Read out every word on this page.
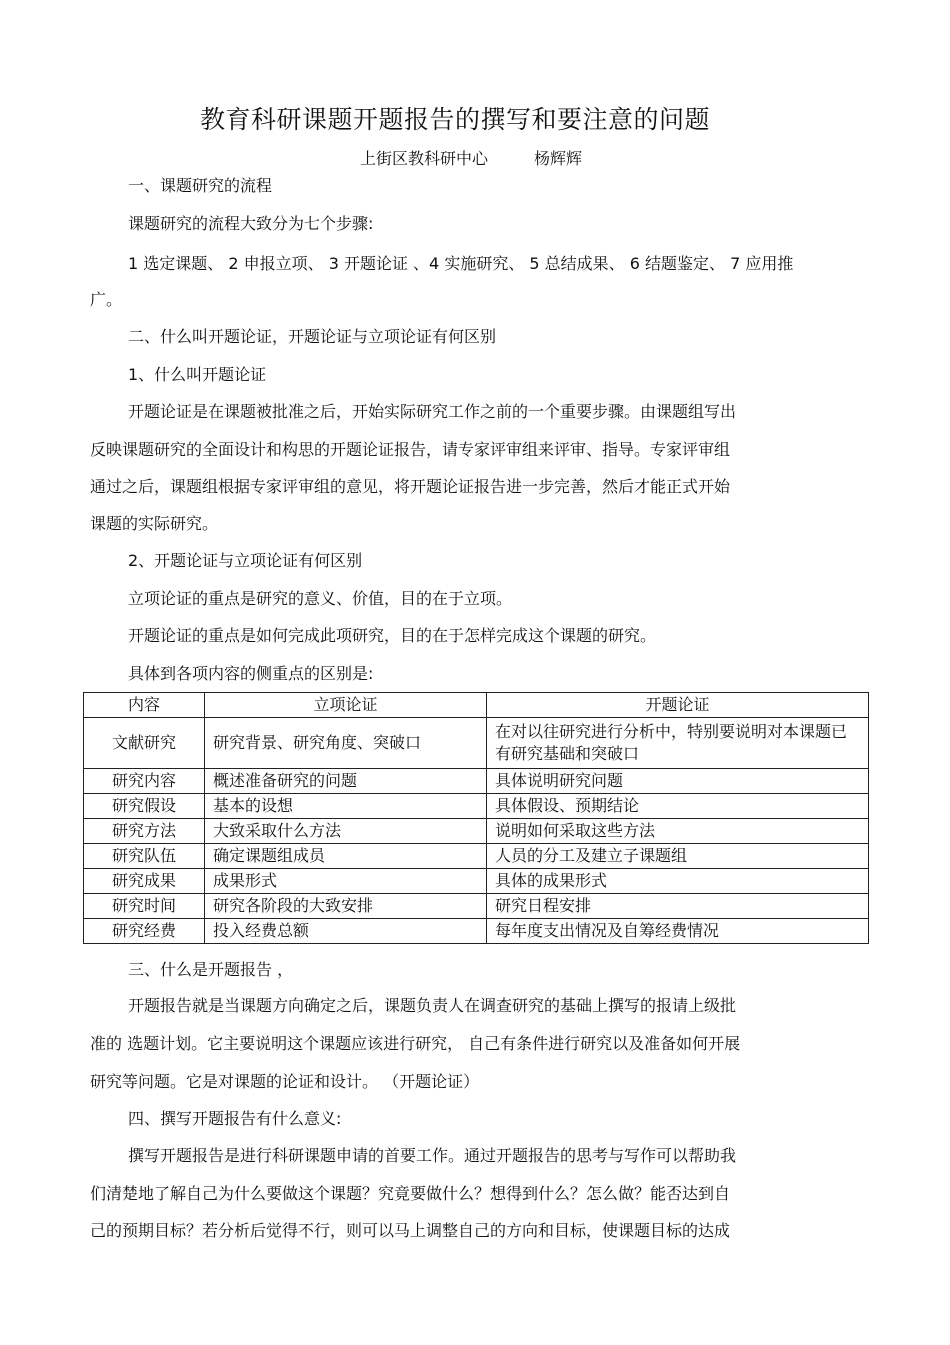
教育科研课题开题报告的撰写和要注意的问题
上街区教科研中心	杨辉辉
一、课题研究的流程
课题研究的流程大致分为七个步骤:
1 选定课题、 2 申报立项、 3 开题论证 、4 实施研究、 5 总结成果、 6 结题鉴定、 7 应用推
广。
二、什么叫开题论证，开题论证与立项论证有何区别
1、什么叫开题论证
开题论证是在课题被批准之后，开始实际研究工作之前的一个重要步骤。由课题组写出
反映课题研究的全面设计和构思的开题论证报告，请专家评审组来评审、指导。专家评审组
通过之后，课题组根据专家评审组的意见，将开题论证报告进一步完善，然后才能正式开始
课题的实际研究。
2、开题论证与立项论证有何区别
立项论证的重点是研究的意义、价值，目的在于立项。
开题论证的重点是如何完成此项研究，目的在于怎样完成这个课题的研究。
具体到各项内容的侧重点的区别是:
内容	立项论证	开题论证
文献研究	研究背景、研究角度、突破口	在对以往研究进行分析中，特别要说明对本课题已有研究基础和突破口
研究内容	概述准备研究的问题	具体说明研究问题
研究假设	基本的设想	具体假设、预期结论
研究方法	大致采取什么方法	说明如何采取这些方法
研究队伍	确定课题组成员	人员的分工及建立子课题组
研究成果	成果形式	具体的成果形式
研究时间	研究各阶段的大致安排	研究日程安排
研究经费	投入经费总额	每年度支出情况及自筹经费情况
三、什么是开题报告 ，
开题报告就是当课题方向确定之后，课题负责人在调查研究的基础上撰写的报请上级批
准的 选题计划。它主要说明这个课题应该进行研究， 自己有条件进行研究以及准备如何开展
研究等问题。它是对课题的论证和设计。 （开题论证）
四、撰写开题报告有什么意义:
撰写开题报告是进行科研课题申请的首要工作。通过开题报告的思考与写作可以帮助我
们清楚地了解自己为什么要做这个课题？究竟要做什么？想得到什么？怎么做？能否达到自
己的预期目标？若分析后觉得不行，则可以马上调整自己的方向和目标，使课题目标的达成
